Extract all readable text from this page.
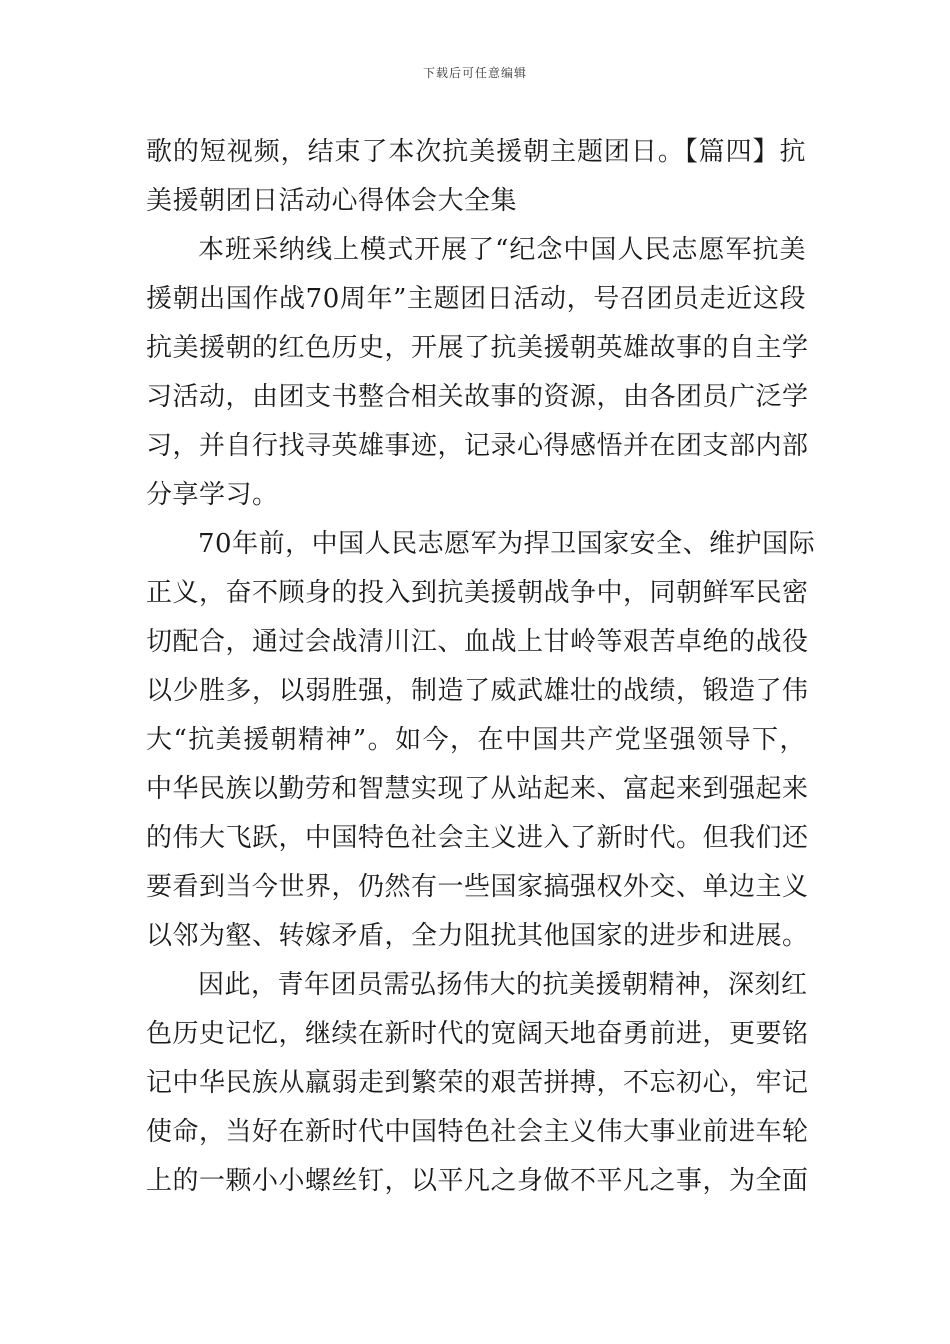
下载后可任意编辑
歌的短视频，结束了本次抗美援朝主题团日。【篇四】抗
美援朝团日活动心得体会大全集
本班采纳线上模式开展了“纪念中国人民志愿军抗美
援朝出国作战70周年”主题团日活动，号召团员走近这段
抗美援朝的红色历史，开展了抗美援朝英雄故事的自主学
习活动，由团支书整合相关故事的资源，由各团员广泛学
习，并自行找寻英雄事迹，记录心得感悟并在团支部内部
分享学习。
70年前，中国人民志愿军为捍卫国家安全、维护国际
正义，奋不顾身的投入到抗美援朝战争中，同朝鲜军民密
切配合，通过会战清川江、血战上甘岭等艰苦卓绝的战役
以少胜多，以弱胜强，制造了威武雄壮的战绩，锻造了伟
大“抗美援朝精神”。如今，在中国共产党坚强领导下，
中华民族以勤劳和智慧实现了从站起来、富起来到强起来
的伟大飞跃，中国特色社会主义进入了新时代。但我们还
要看到当今世界，仍然有一些国家搞强权外交、单边主义
以邻为壑、转嫁矛盾，全力阻扰其他国家的进步和进展。
因此，青年团员需弘扬伟大的抗美援朝精神，深刻红
色历史记忆，继续在新时代的宽阔天地奋勇前进，更要铭
记中华民族从羸弱走到繁荣的艰苦拼搏，不忘初心，牢记
使命，当好在新时代中国特色社会主义伟大事业前进车轮
上的一颗小小螺丝钉，以平凡之身做不平凡之事，为全面
